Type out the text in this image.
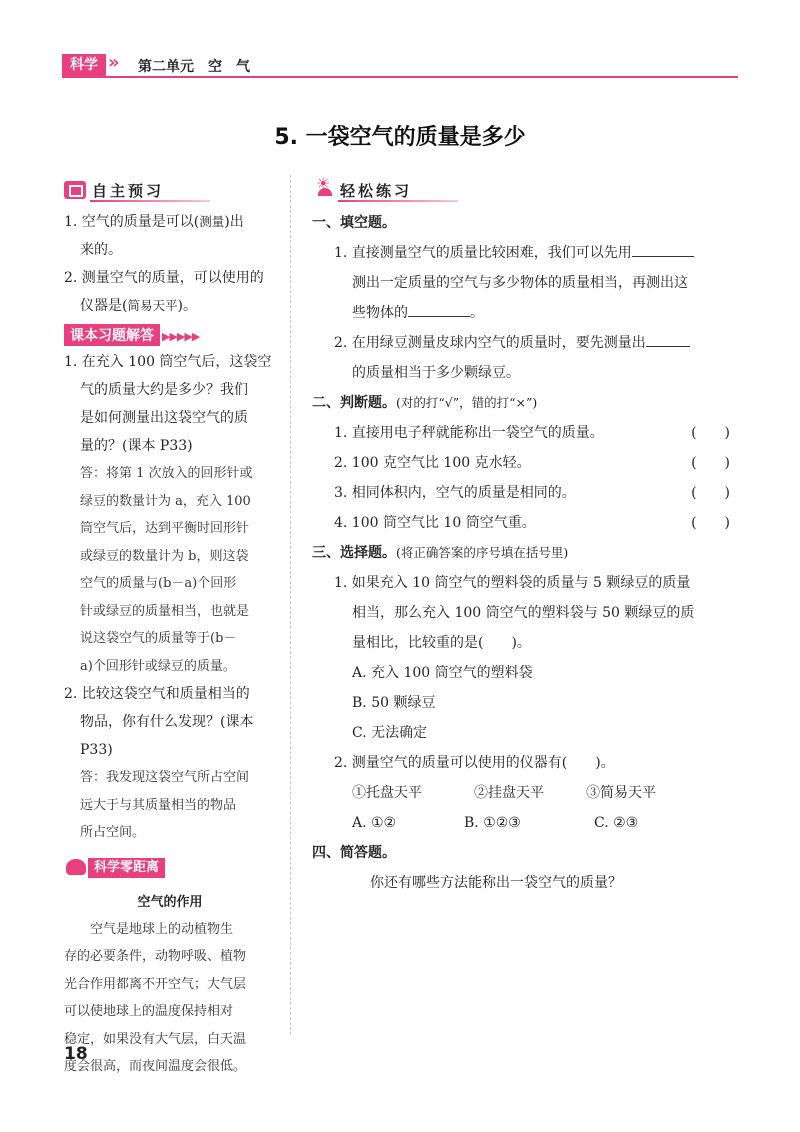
科学 » 第二单元　空　气
5. 一袋空气的质量是多少
自主预习

1. 空气的质量是可以(测量)出

来的。

2. 测量空气的质量，可以使用的

仪器是(简易天平)。

课本习题解答 ▶▶▶▶▶

1. 在充入 100 筒空气后，这袋空

气的质量大约是多少？我们

是如何测量出这袋空气的质

量的？(课本 P33)

答：将第 1 次放入的回形针或
绿豆的数量计为 a，充入 100
筒空气后，达到平衡时回形针
或绿豆的数量计为 b，则这袋
空气的质量与(b－a)个回形
针或绿豆的质量相当，也就是
说这袋空气的质量等于(b－
a)个回形针或绿豆的质量。

2. 比较这袋空气和质量相当的

物品，你有什么发现？(课本

P33)

答：我发现这袋空气所占空间
远大于与其质量相当的物品
所占空间。
科学零距离
空气的作用

空气是地球上的动植物生

存的必要条件，动物呼吸、植物

光合作用都离不开空气；大气层

可以使地球上的温度保持相对

稳定，如果没有大气层，白天温

度会很高，而夜间温度会很低。

☀
轻松练习

一、填空题。

1. 直接测量空气的质量比较困难，我们可以先用

测出一定质量的空气与多少物体的质量相当，再测出这

些物体的	。

2. 在用绿豆测量皮球内空气的质量时，要先测量出

的质量相当于多少颗绿豆。

二、判断题。(对的打“√”，错的打“×”)

1. 直接用电子秤就能称出一袋空气的质量。	(　　)

2. 100 克空气比 100 克水轻。	(　　)

3. 相同体积内，空气的质量是相同的。	(　　)

4. 100 筒空气比 10 筒空气重。	(　　)

三、选择题。(将正确答案的序号填在括号里)

1. 如果充入 10 筒空气的塑料袋的质量与 5 颗绿豆的质量

相当，那么充入 100 筒空气的塑料袋与 50 颗绿豆的质

量相比，比较重的是(　　)。

A. 充入 100 筒空气的塑料袋

B. 50 颗绿豆

C. 无法确定

2. 测量空气的质量可以使用的仪器有(　　)。

①托盘天平	②挂盘天平	③简易天平
A. ①②	B. ①②③	C. ②③

四、简答题。

你还有哪些方法能称出一袋空气的质量？

18
